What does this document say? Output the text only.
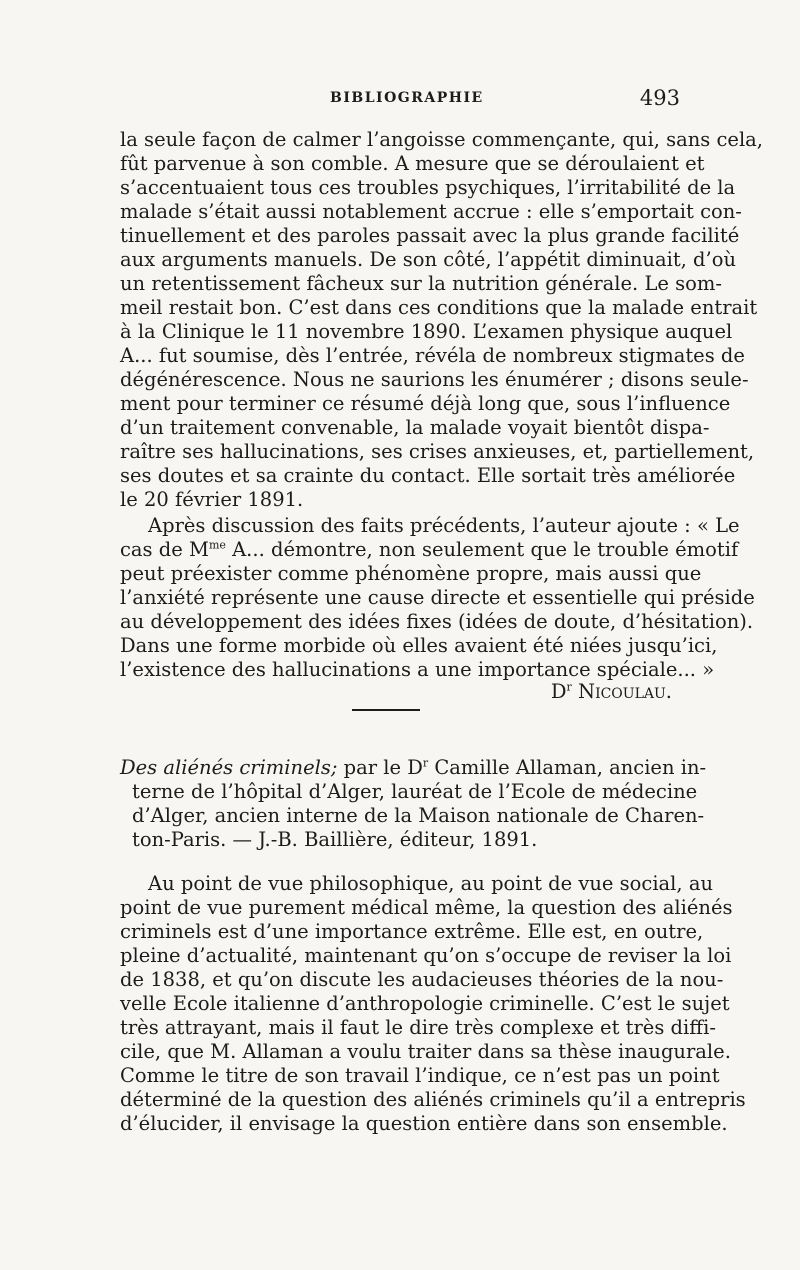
BIBLIOGRAPHIE	493
la seule façon de calmer l’angoisse commençante, qui, sans cela,
fût parvenue à son comble. A mesure que se déroulaient et
s’accentuaient tous ces troubles psychiques, l’irritabilité de la
malade s’était aussi notablement accrue : elle s’emportait con-
tinuellement et des paroles passait avec la plus grande facilité
aux arguments manuels. De son côté, l’appétit diminuait, d’où
un retentissement fâcheux sur la nutrition générale. Le som-
meil restait bon. C’est dans ces conditions que la malade entrait
à la Clinique le 11 novembre 1890. L’examen physique auquel
A... fut soumise, dès l’entrée, révéla de nombreux stigmates de
dégénérescence. Nous ne saurions les énumérer ; disons seule-
ment pour terminer ce résumé déjà long que, sous l’influence
d’un traitement convenable, la malade voyait bientôt dispa-
raître ses hallucinations, ses crises anxieuses, et, partiellement,
ses doutes et sa crainte du contact. Elle sortait très améliorée
le 20 février 1891.
Après discussion des faits précédents, l’auteur ajoute : « Le
cas de $M^{me}$ A... démontre, non seulement que le trouble émotif
peut préexister comme phénomène propre, mais aussi que
l’anxiété représente une cause directe et essentielle qui préside
au développement des idées fixes (idées de doute, d’hésitation).
Dans une forme morbide où elles avaient été niées jusqu’ici,
l’existence des hallucinations a une importance spéciale... »
$D^r$ Nicoulau.
Des aliénés criminels; par le $D^r$ Camille Allaman, ancien in-
terne de l’hôpital d’Alger, lauréat de l’Ecole de médecine
d’Alger, ancien interne de la Maison nationale de Charen-
ton-Paris. — J.-B. Baillière, éditeur, 1891.
Au point de vue philosophique, au point de vue social, au
point de vue purement médical même, la question des aliénés
criminels est d’une importance extrême. Elle est, en outre,
pleine d’actualité, maintenant qu’on s’occupe de reviser la loi
de 1838, et qu’on discute les audacieuses théories de la nou-
velle Ecole italienne d’anthropologie criminelle. C’est le sujet
très attrayant, mais il faut le dire très complexe et très diffi-
cile, que M. Allaman a voulu traiter dans sa thèse inaugurale.
Comme le titre de son travail l’indique, ce n’est pas un point
déterminé de la question des aliénés criminels qu’il a entrepris
d’élucider, il envisage la question entière dans son ensemble.
